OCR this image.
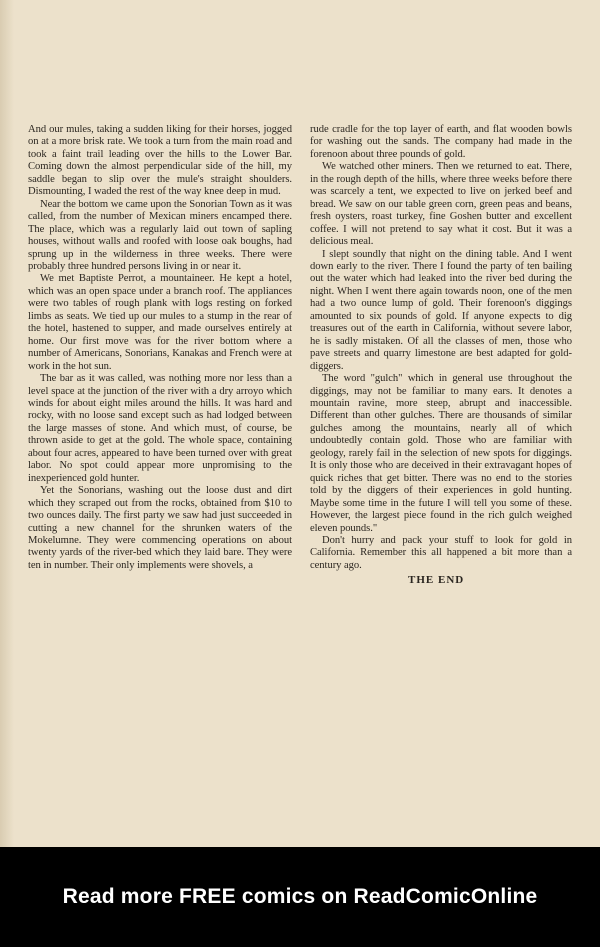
And our mules, taking a sudden liking for their horses, jogged on at a more brisk rate. We took a turn from the main road and took a faint trail leading over the hills to the Lower Bar. Coming down the almost perpendicular side of the hill, my saddle began to slip over the mule's straight shoulders. Dismounting, I waded the rest of the way knee deep in mud.

Near the bottom we came upon the Sonorian Town as it was called, from the number of Mexican miners encamped there. The place, which was a regularly laid out town of sapling houses, without walls and roofed with loose oak boughs, had sprung up in the wilderness in three weeks. There were probably three hundred persons living in or near it.

We met Baptiste Perrot, a mountaineer. He kept a hotel, which was an open space under a branch roof. The appliances were two tables of rough plank with logs resting on forked limbs as seats. We tied up our mules to a stump in the rear of the hotel, hastened to supper, and made ourselves entirely at home. Our first move was for the river bottom where a number of Americans, Sonorians, Kanakas and French were at work in the hot sun.

The bar as it was called, was nothing more nor less than a level space at the junction of the river with a dry arroyo which winds for about eight miles around the hills. It was hard and rocky, with no loose sand except such as had lodged between the large masses of stone. And which must, of course, be thrown aside to get at the gold. The whole space, containing about four acres, appeared to have been turned over with great labor. No spot could appear more unpromising to the inexperienced gold hunter.

Yet the Sonorians, washing out the loose dust and dirt which they scraped out from the rocks, obtained from $10 to two ounces daily. The first party we saw had just succeeded in cutting a new channel for the shrunken waters of the Mokelumne. They were commencing operations on about twenty yards of the river-bed which they laid bare. They were ten in number. Their only implements were shovels, a

rude cradle for the top layer of earth, and flat wooden bowls for washing out the sands. The company had made in the forenoon about three pounds of gold.

We watched other miners. Then we returned to eat. There, in the rough depth of the hills, where three weeks before there was scarcely a tent, we expected to live on jerked beef and bread. We saw on our table green corn, green peas and beans, fresh oysters, roast turkey, fine Goshen butter and excellent coffee. I will not pretend to say what it cost. But it was a delicious meal.

I slept soundly that night on the dining table. And I went down early to the river. There I found the party of ten bailing out the water which had leaked into the river bed during the night. When I went there again towards noon, one of the men had a two ounce lump of gold. Their forenoon's diggings amounted to six pounds of gold. If anyone expects to dig treasures out of the earth in California, without severe labor, he is sadly mistaken. Of all the classes of men, those who pave streets and quarry limestone are best adapted for gold-diggers.

The word "gulch" which in general use throughout the diggings, may not be familiar to many ears. It denotes a mountain ravine, more steep, abrupt and inaccessible. Different than other gulches. There are thousands of similar gulches among the mountains, nearly all of which undoubtedly contain gold. Those who are familiar with geology, rarely fail in the selection of new spots for diggings. It is only those who are deceived in their extravagant hopes of quick riches that get bitter. There was no end to the stories told by the diggers of their experiences in gold hunting. Maybe some time in the future I will tell you some of these. However, the largest piece found in the rich gulch weighed eleven pounds."

Don't hurry and pack your stuff to look for gold in California. Remember this all happened a bit more than a century ago.

THE END
Read more FREE comics on ReadComicOnline
